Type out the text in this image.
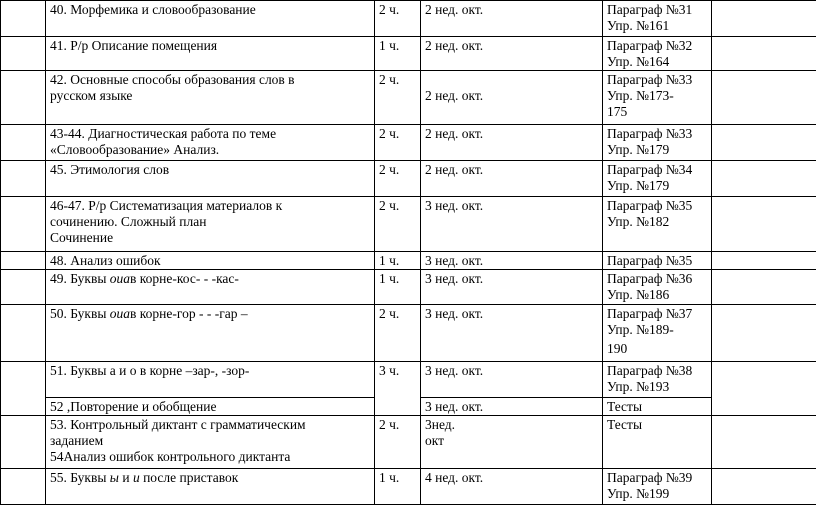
	40. Морфемика и словообразование	2 ч.	2 нед. окт.	Параграф №31
Упр. №161	

	41. Р/р Описание помещения	1 ч.	2 нед. окт.	Параграф №32
Упр. №164	

	42. Основные способы образования слов в
русском языке	2 ч.	2 нед. окт.	Параграф №33
Упр. №173-
175	

	43-44. Диагностическая работа по теме
«Словообразование» Анализ.	2 ч.	2 нед. окт.	Параграф №33
Упр. №179	

	45. Этимология слов	2 ч.	2 нед. окт.	Параграф №34
Упр. №179	

	46-47. Р/р Систематизация материалов к
сочинению. Сложный план
Сочинение	2 ч.	3 нед. окт.	Параграф №35
Упр. №182	

	48. Анализ ошибок	1 ч.	3 нед. окт.	Параграф №35	

	49. Буквы оиав корне-кос- - -кас-	1 ч.	3 нед. окт.	Параграф №36
Упр. №186	

	50. Буквы оиав корне-гор - - -гар –	2 ч.	3 нед. окт.	Параграф №37
Упр. №189-
190	

	51. Буквы а и о в корне –зар-, -зор-	3 ч.	3 нед. окт.	Параграф №38
Упр. №193	

	52 ,Повторение и обобщение		3 нед. окт.	Тесты	

	53. Контрольный диктант с грамматическим
заданием
54Анализ ошибок контрольного диктанта	2 ч.	3нед.
окт	Тесты	

	55. Буквы ы и и после приставок	1 ч.	4 нед. окт.	Параграф №39
Упр. №199	
